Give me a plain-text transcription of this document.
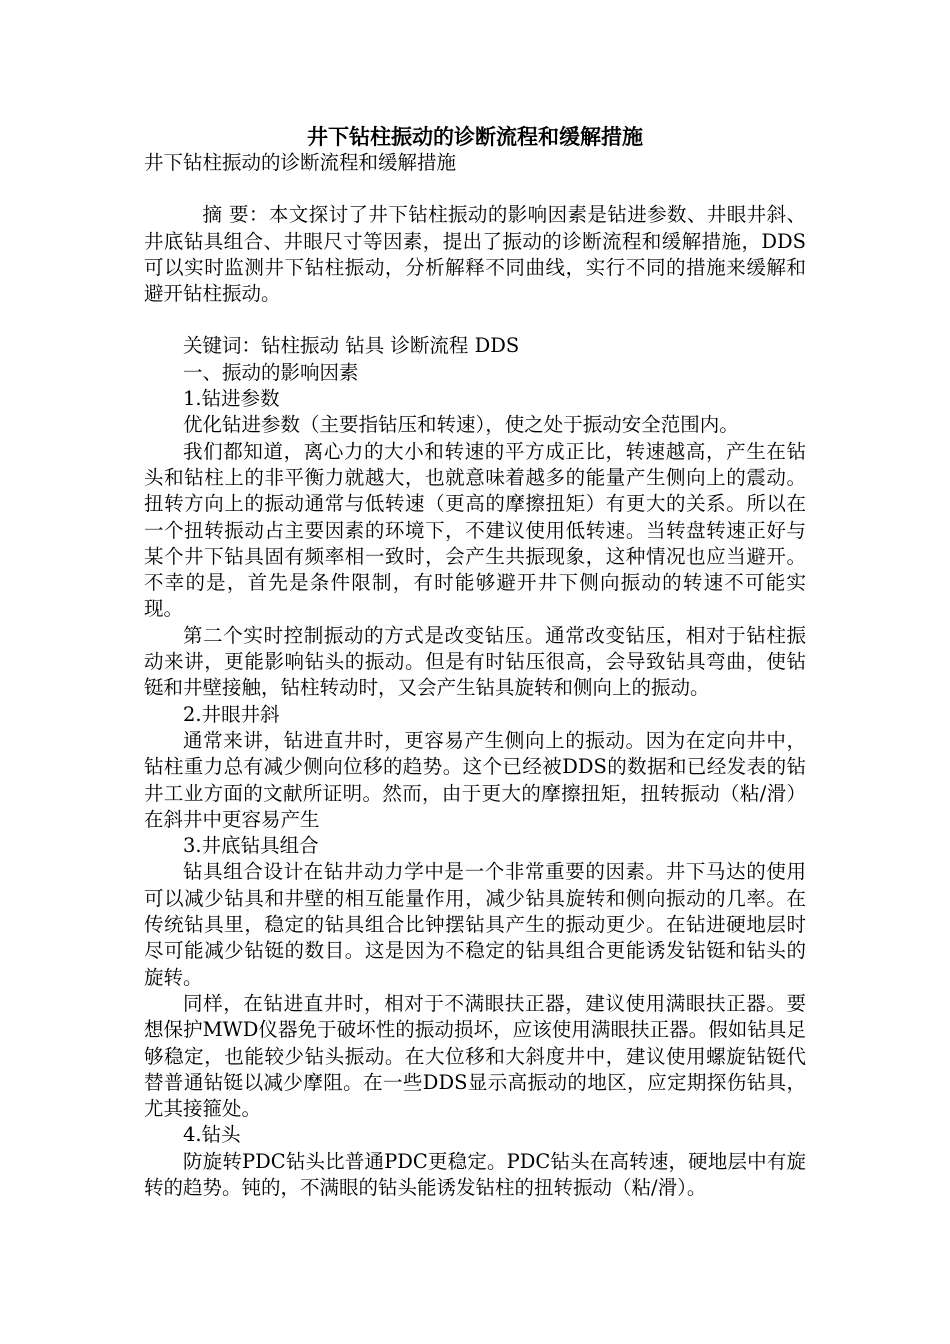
井下钻柱振动的诊断流程和缓解措施

井下钻柱振动的诊断流程和缓解措施

摘 要：本文探讨了井下钻柱振动的影响因素是钻进参数、井眼井斜、井底钻具组合、井眼尺寸等因素，提出了振动的诊断流程和缓解措施，DDS可以实时监测井下钻柱振动，分析解释不同曲线，实行不同的措施来缓解和避开钻柱振动。

关键词：钻柱振动 钻具 诊断流程 DDS

一、振动的影响因素

1.钻进参数

优化钻进参数（主要指钻压和转速），使之处于振动安全范围内。

我们都知道，离心力的大小和转速的平方成正比，转速越高，产生在钻头和钻柱上的非平衡力就越大，也就意味着越多的能量产生侧向上的震动。扭转方向上的振动通常与低转速（更高的摩擦扭矩）有更大的关系。所以在一个扭转振动占主要因素的环境下，不建议使用低转速。当转盘转速正好与某个井下钻具固有频率相一致时，会产生共振现象，这种情况也应当避开。不幸的是，首先是条件限制，有时能够避开井下侧向振动的转速不可能实现。

第二个实时控制振动的方式是改变钻压。通常改变钻压，相对于钻柱振动来讲，更能影响钻头的振动。但是有时钻压很高，会导致钻具弯曲，使钻铤和井壁接触，钻柱转动时，又会产生钻具旋转和侧向上的振动。

2.井眼井斜

通常来讲，钻进直井时，更容易产生侧向上的振动。因为在定向井中，钻柱重力总有减少侧向位移的趋势。这个已经被DDS的数据和已经发表的钻井工业方面的文献所证明。然而，由于更大的摩擦扭矩，扭转振动（粘/滑）在斜井中更容易产生

3.井底钻具组合

钻具组合设计在钻井动力学中是一个非常重要的因素。井下马达的使用可以减少钻具和井壁的相互能量作用，减少钻具旋转和侧向振动的几率。在传统钻具里，稳定的钻具组合比钟摆钻具产生的振动更少。在钻进硬地层时尽可能减少钻铤的数目。这是因为不稳定的钻具组合更能诱发钻铤和钻头的旋转。

同样，在钻进直井时，相对于不满眼扶正器，建议使用满眼扶正器。要想保护MWD仪器免于破坏性的振动损坏，应该使用满眼扶正器。假如钻具足够稳定，也能较少钻头振动。在大位移和大斜度井中，建议使用螺旋钻铤代替普通钻铤以减少摩阻。在一些DDS显示高振动的地区，应定期探伤钻具，尤其接箍处。

4.钻头

防旋转PDC钻头比普通PDC更稳定。PDC钻头在高转速，硬地层中有旋转的趋势。钝的，不满眼的钻头能诱发钻柱的扭转振动（粘/滑）。
